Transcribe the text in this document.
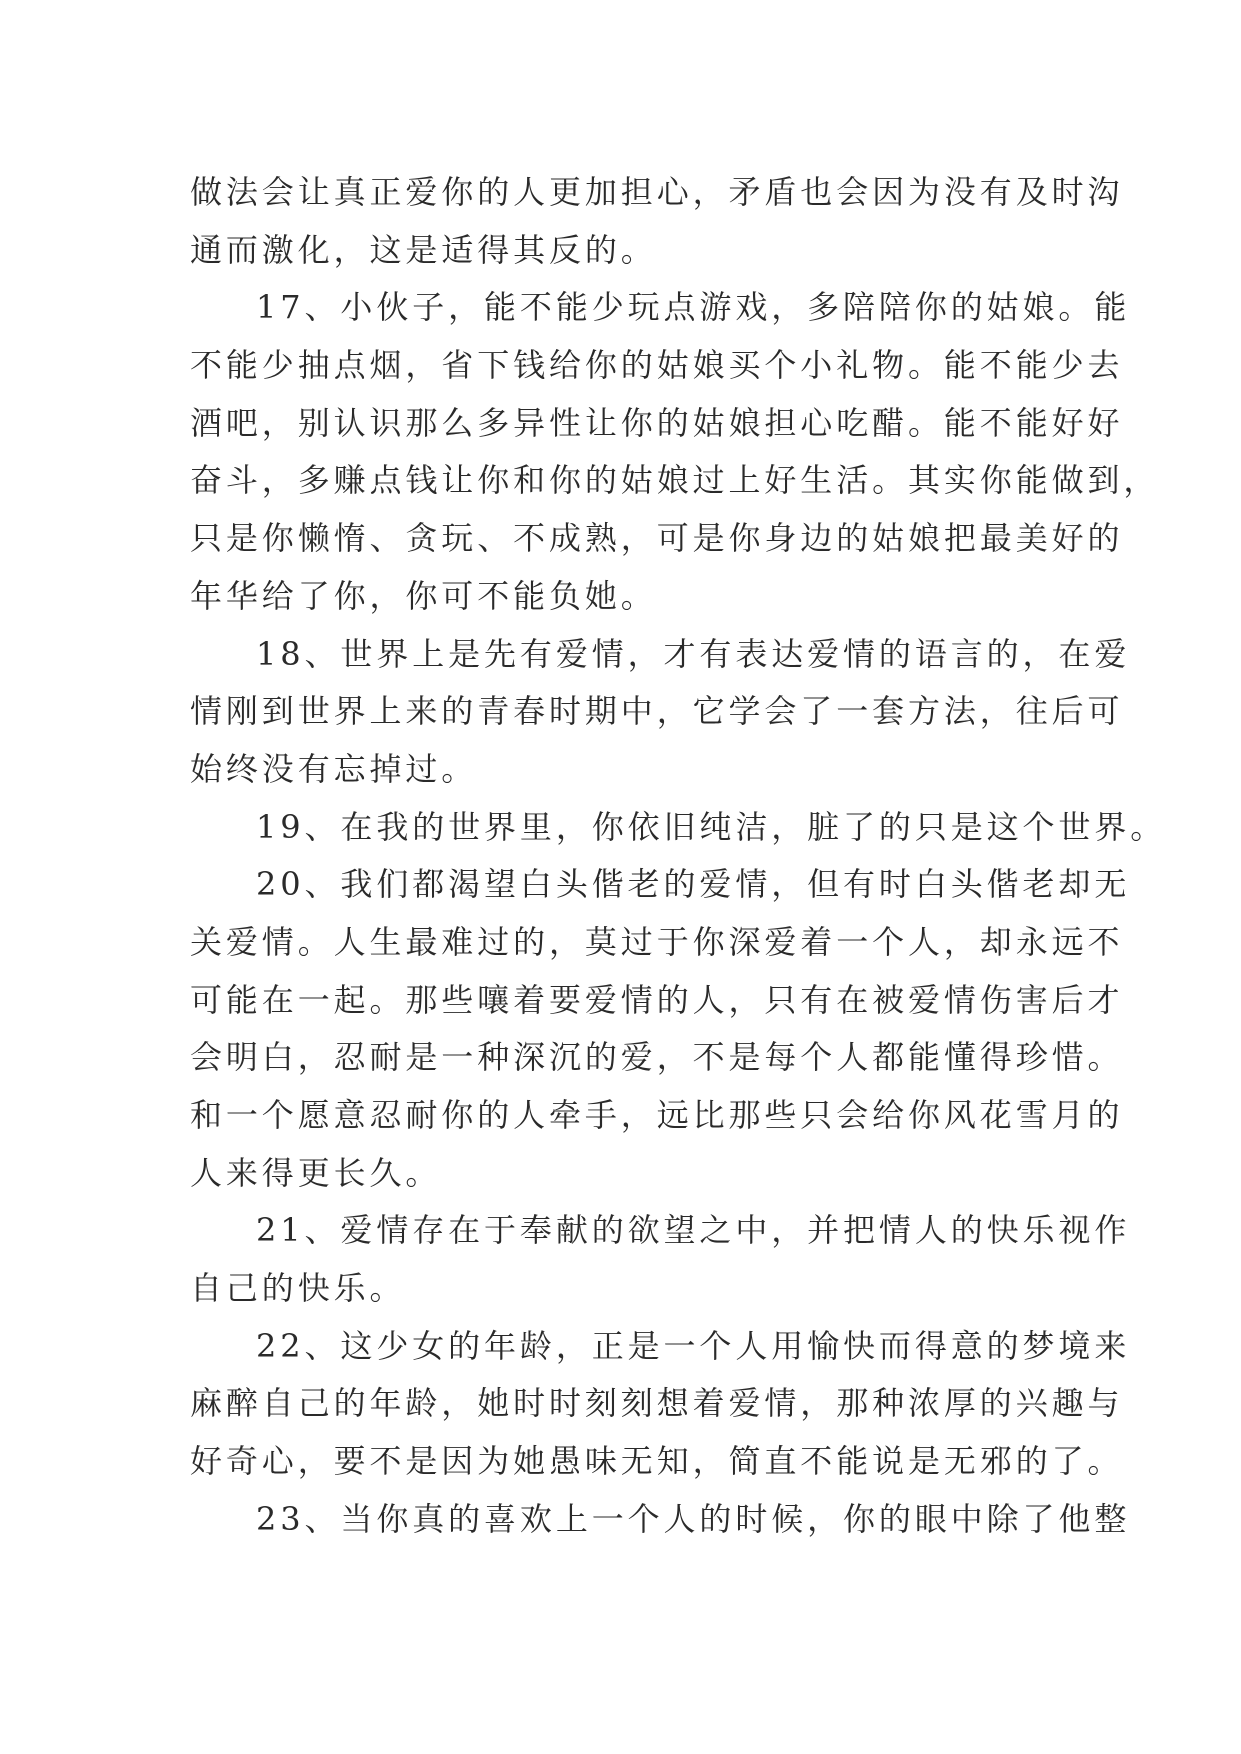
做法会让真正爱你的人更加担心，矛盾也会因为没有及时沟
通而激化，这是适得其反的。
17、小伙子，能不能少玩点游戏，多陪陪你的姑娘。能
不能少抽点烟，省下钱给你的姑娘买个小礼物。能不能少去
酒吧，别认识那么多异性让你的姑娘担心吃醋。能不能好好
奋斗，多赚点钱让你和你的姑娘过上好生活。其实你能做到，
只是你懒惰、贪玩、不成熟，可是你身边的姑娘把最美好的
年华给了你，你可不能负她。
18、世界上是先有爱情，才有表达爱情的语言的，在爱
情刚到世界上来的青春时期中，它学会了一套方法，往后可
始终没有忘掉过。
19、在我的世界里，你依旧纯洁，脏了的只是这个世界。
20、我们都渴望白头偕老的爱情，但有时白头偕老却无
关爱情。人生最难过的，莫过于你深爱着一个人，却永远不
可能在一起。那些嚷着要爱情的人，只有在被爱情伤害后才
会明白，忍耐是一种深沉的爱，不是每个人都能懂得珍惜。
和一个愿意忍耐你的人牵手，远比那些只会给你风花雪月的
人来得更长久。
21、爱情存在于奉献的欲望之中，并把情人的快乐视作
自己的快乐。
22、这少女的年龄，正是一个人用愉快而得意的梦境来
麻醉自己的年龄，她时时刻刻想着爱情，那种浓厚的兴趣与
好奇心，要不是因为她愚味无知，简直不能说是无邪的了。
23、当你真的喜欢上一个人的时候，你的眼中除了他整
